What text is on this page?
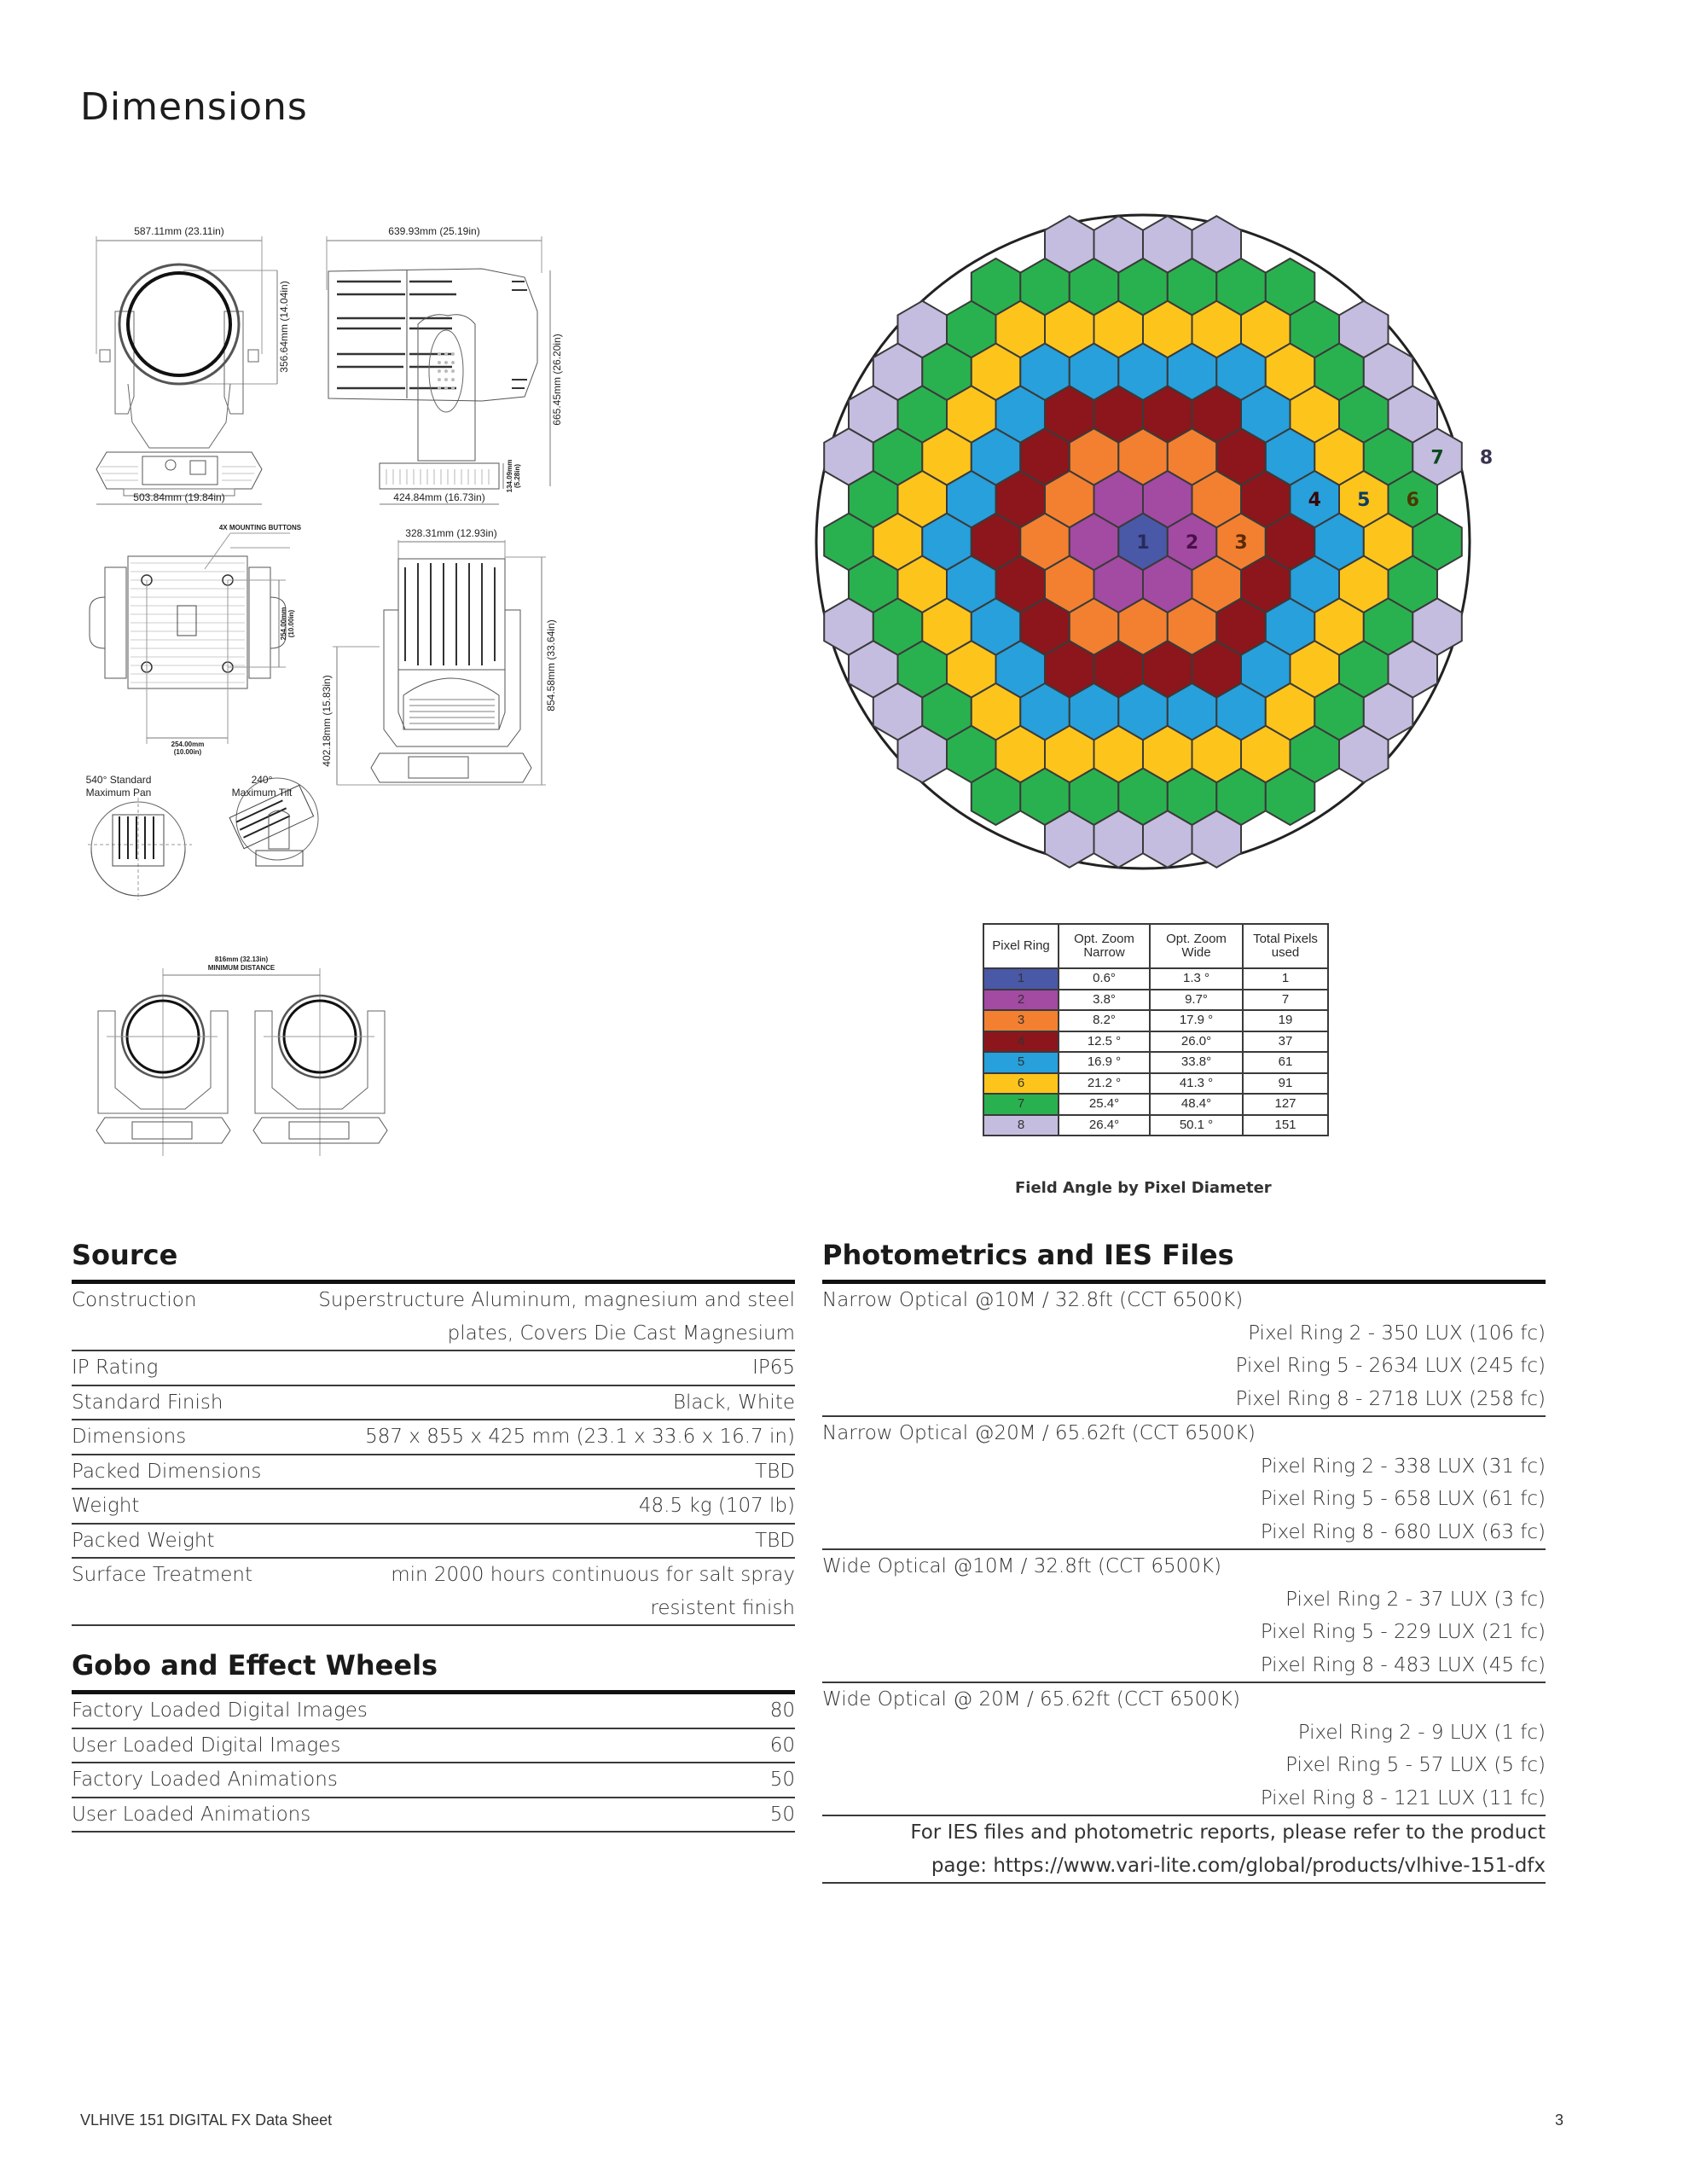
Dimensions
587.11mm (23.11in)
356.64mm (14.04in)
503.84mm (19.84in)
639.93mm (25.19in)
665.45mm (26.20in)
424.84mm (16.73in)
134.09mm (5.28in)
328.31mm (12.93in)
854.58mm (33.64in)
402.18mm (15.83in)
4X MOUNTING BUTTONS
254.00mm
(10.00in)
254.00mm (10.00in)
540° Standard
Maximum Pan
240°
Maximum Tilt
816mm (32.13in)
MINIMUM DISTANCE
1 2 3
4 5 6
7 8
Pixel Ring	Opt. Zoom Narrow	Opt. Zoom Wide	Total Pixels used
1	0.6°	1.3 °	1
2	3.8°	9.7°	7
3	8.2°	17.9 °	19
4	12.5 °	26.0°	37
5	16.9 °	33.8°	61
6	21.2 °	41.3 °	91
7	25.4°	48.4°	127
8	26.4°	50.1 °	151
Field Angle by Pixel Diameter
Source
Construction	Superstructure Aluminum, magnesium and steel plates, Covers Die Cast Magnesium
IP Rating	IP65
Standard Finish	Black, White
Dimensions	587 x 855 x 425 mm (23.1 x 33.6 x 16.7 in)
Packed Dimensions	TBD
Weight	48.5 kg (107 lb)
Packed Weight	TBD
Surface Treatment	min 2000 hours continuous for salt spray resistent finish
Gobo and Effect Wheels
Factory Loaded Digital Images	80
User Loaded Digital Images	60
Factory Loaded Animations	50
User Loaded Animations	50
Photometrics and IES Files
Narrow Optical @10M / 32.8ft (CCT 6500K)
Pixel Ring 2 - 350 LUX (106 fc)
Pixel Ring 5 - 2634 LUX (245 fc)
Pixel Ring 8 - 2718 LUX (258 fc)
Narrow Optical @20M / 65.62ft (CCT 6500K)
Pixel Ring 2 - 338 LUX (31 fc)
Pixel Ring 5 - 658 LUX (61 fc)
Pixel Ring 8 - 680 LUX (63 fc)
Wide Optical @10M / 32.8ft (CCT 6500K)
Pixel Ring 2 - 37 LUX (3 fc)
Pixel Ring 5 - 229 LUX (21 fc)
Pixel Ring 8 - 483 LUX (45 fc)
Wide Optical @ 20M / 65.62ft (CCT 6500K)
Pixel Ring 2 - 9 LUX (1 fc)
Pixel Ring 5 - 57 LUX (5 fc)
Pixel Ring 8 - 121 LUX (11 fc)
For IES files and photometric reports, please refer to the product
page: https://www.vari-lite.com/global/products/vlhive-151-dfx
VLHIVE 151 DIGITAL FX Data Sheet	3
